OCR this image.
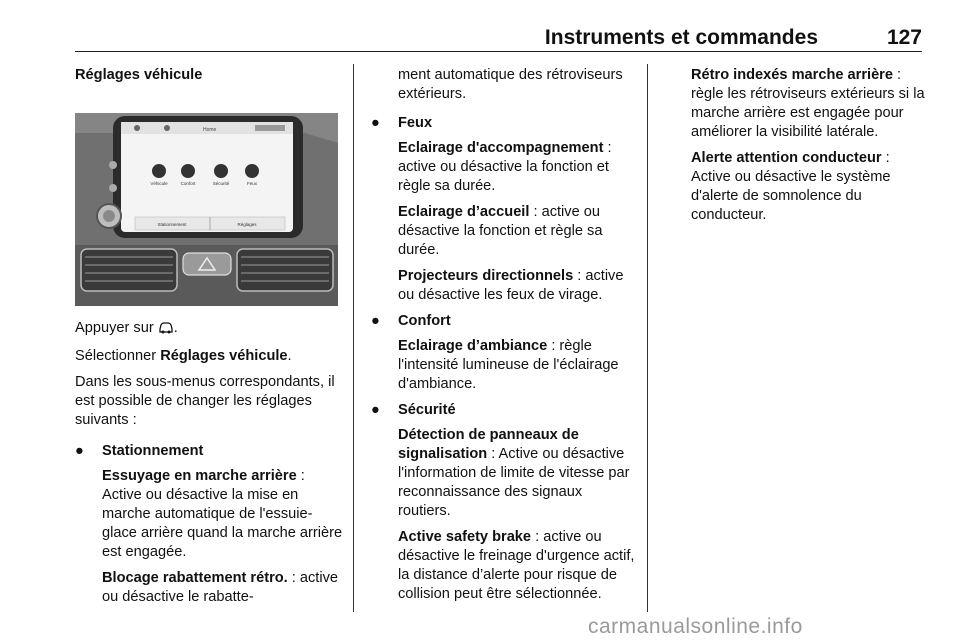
Instruments et commandes	127

Réglages véhicule

Home
Véhicule	Confort	Sécurité	Feux
Stationnement	Réglages

Appuyer sur .

Sélectionner Réglages véhicule.

Dans les sous-menus correspondants, il est possible de changer les réglages suivants :

● Stationnement

Essuyage en marche arrière : Active ou désactive la mise en marche automatique de l'essuie-glace arrière quand la marche arrière est engagée.

Blocage rabattement rétro. : active ou désactive le rabatte-

ment automatique des rétroviseurs extérieurs.

● Feux

Eclairage d'accompagnement : active ou désactive la fonction et règle sa durée.

Eclairage d’accueil : active ou désactive la fonction et règle sa durée.

Projecteurs directionnels : active ou désactive les feux de virage.

● Confort

Eclairage d’ambiance : règle l'intensité lumineuse de l'éclairage d'ambiance.

● Sécurité

Détection de panneaux de signalisation : Active ou désactive l'information de limite de vitesse par reconnaissance des signaux routiers.

Active safety brake : active ou désactive le freinage d'urgence actif, la distance d’alerte pour risque de collision peut être sélectionnée.

Rétro indexés marche arrière : règle les rétroviseurs extérieurs si la marche arrière est engagée pour améliorer la visibilité latérale.

Alerte attention conducteur : Active ou désactive le système d'alerte de somnolence du conducteur.

carmanualsonline.info
